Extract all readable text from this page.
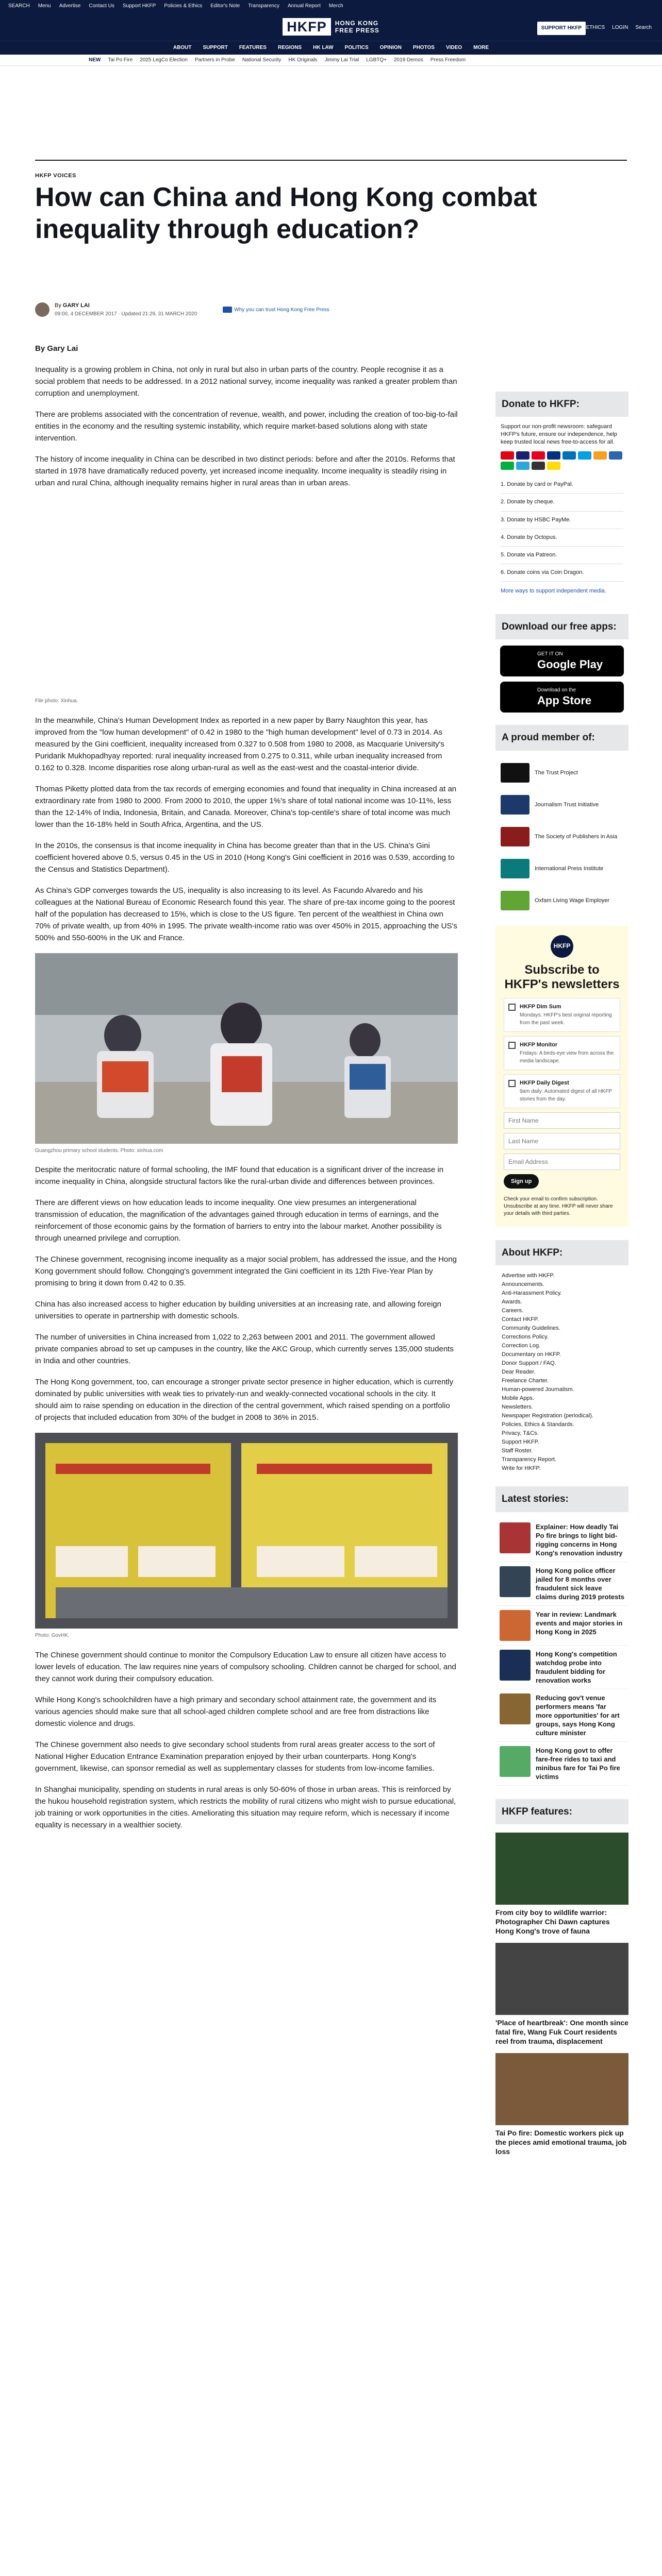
SEARCH Menu Advertise Contact Us Support HKFP Policies & Ethics Editor's Note Transparency Annual Report Merch
HKFP	HONG KONG
FREE PRESS	SUPPORT HKFP ETHICS LOGIN Search
ABOUT SUPPORT FEATURES REGIONS HK LAW POLITICS OPINION PHOTOS VIDEO MORE
NEW Tai Po Fire 2025 LegCo Election Partners in Probe National Security HK Originals Jimmy Lai Trial LGBTQ+ 2019 Demos Press Freedom
HKFP VOICES
How can China and Hong Kong combat inequality through education?
By GARY LAI
09:00, 4 DECEMBER 2017 · Updated 21:29, 31 MARCH 2020
Why you can trust Hong Kong Free Press

By Gary Lai

Inequality is a growing problem in China, not only in rural but also in urban parts of the country. People recognise it as a social problem that needs to be addressed. In a 2012 national survey, income inequality was ranked a greater problem than corruption and unemployment.

There are problems associated with the concentration of revenue, wealth, and power, including the creation of too-big-to-fail entities in the economy and the resulting systemic instability, which require market-based solutions along with state intervention.

The history of income inequality in China can be described in two distinct periods: before and after the 2010s. Reforms that started in 1978 have dramatically reduced poverty, yet increased income inequality. Income inequality is steadily rising in urban and rural China, although inequality remains higher in rural areas than in urban areas.

File photo: Xinhua.

In the meanwhile, China's Human Development Index as reported in a new paper by Barry Naughton this year, has improved from the "low human development" of 0.42 in 1980 to the "high human development" level of 0.73 in 2014. As measured by the Gini coefficient, inequality increased from 0.327 to 0.508 from 1980 to 2008, as Macquarie University's Puridarik Mukhopadhyay reported: rural inequality increased from 0.275 to 0.311, while urban inequality increased from 0.162 to 0.328. Income disparities rose along urban-rural as well as the east-west and the coastal-interior divide.

Thomas Piketty plotted data from the tax records of emerging economies and found that inequality in China increased at an extraordinary rate from 1980 to 2000. From 2000 to 2010, the upper 1%'s share of total national income was 10-11%, less than the 12-14% of India, Indonesia, Britain, and Canada. Moreover, China's top-centile's share of total income was much lower than the 16-18% held in South Africa, Argentina, and the US.

In the 2010s, the consensus is that income inequality in China has become greater than that in the US. China's Gini coefficient hovered above 0.5, versus 0.45 in the US in 2010 (Hong Kong's Gini coefficient in 2016 was 0.539, according to the Census and Statistics Department).

As China's GDP converges towards the US, inequality is also increasing to its level. As Facundo Alvaredo and his colleagues at the National Bureau of Economic Research found this year. The share of pre-tax income going to the poorest half of the population has decreased to 15%, which is close to the US figure. Ten percent of the wealthiest in China own 70% of private wealth, up from 40% in 1995. The private wealth-income ratio was over 450% in 2015, approaching the US's 500% and 550-600% in the UK and France.

Guangzhou primary school students. Photo: xinhua.com

Despite the meritocratic nature of formal schooling, the IMF found that education is a significant driver of the increase in income inequality in China, alongside structural factors like the rural-urban divide and differences between provinces.

There are different views on how education leads to income inequality. One view presumes an intergenerational transmission of education, the magnification of the advantages gained through education in terms of earnings, and the reinforcement of those economic gains by the formation of barriers to entry into the labour market. Another possibility is through unearned privilege and corruption.

The Chinese government, recognising income inequality as a major social problem, has addressed the issue, and the Hong Kong government should follow. Chongqing's government integrated the Gini coefficient in its 12th Five-Year Plan by promising to bring it down from 0.42 to 0.35.

China has also increased access to higher education by building universities at an increasing rate, and allowing foreign universities to operate in partnership with domestic schools.

The number of universities in China increased from 1,022 to 2,263 between 2001 and 2011. The government allowed private companies abroad to set up campuses in the country, like the AKC Group, which currently serves 135,000 students in India and other countries.

The Hong Kong government, too, can encourage a stronger private sector presence in higher education, which is currently dominated by public universities with weak ties to privately-run and weakly-connected vocational schools in the city. It should aim to raise spending on education in the direction of the central government, which raised spending on a portfolio of projects that included education from 30% of the budget in 2008 to 36% in 2015.

Photo: GovHK.

The Chinese government should continue to monitor the Compulsory Education Law to ensure all citizen have access to lower levels of education. The law requires nine years of compulsory schooling. Children cannot be charged for school, and they cannot work during their compulsory education.

While Hong Kong's schoolchildren have a high primary and secondary school attainment rate, the government and its various agencies should make sure that all school-aged children complete school and are free from distractions like domestic violence and drugs.

The Chinese government also needs to give secondary school students from rural areas greater access to the sort of National Higher Education Entrance Examination preparation enjoyed by their urban counterparts. Hong Kong's government, likewise, can sponsor remedial as well as supplementary classes for students from low-income families.

In Shanghai municipality, spending on students in rural areas is only 50-60% of those in urban areas. This is reinforced by the hukou household registration system, which restricts the mobility of rural citizens who might wish to pursue educational, job training or work opportunities in the cities. Ameliorating this situation may require reform, which is necessary if income equality is necessary in a wealthier society.

Donate to HKFP:
Support our non-profit newsroom: safeguard HKFP's future, ensure our independence, help keep trusted local news free-to-access for all.
1. Donate by card or PayPal.
2. Donate by cheque.
3. Donate by HSBC PayMe.
4. Donate by Octopus.
5. Donate via Patreon.
6. Donate coins via Coin Dragon.
More ways to support independent media.
Download our free apps:
GET IT ON
Google Play
Download on the
App Store
A proud member of:
The Trust Project
Journalism Trust Initiative
The Society of Publishers in Asia
International Press Institute
Oxfam Living Wage Employer
HKFP
Subscribe to HKFP's newsletters
HKFP Dim Sum
Mondays: HKFP's best original reporting from the past week.
HKFP Monitor
Fridays: A birds-eye view from across the media landscape.
HKFP Daily Digest
9am daily: Automated digest of all HKFP stories from the day.
First Name Last Name Email Address Sign up
Check your email to confirm subscription. Unsubscribe at any time. HKFP will never share your details with third parties.
About HKFP:
Advertise with HKFP.
Announcements.
Anti-Harassment Policy.
Awards.
Careers.
Contact HKFP.
Community Guidelines.
Corrections Policy.
Correction Log.
Documentary on HKFP.
Donor Support / FAQ.
Dear Reader.
Freelance Charter.
Human-powered Journalism.
Mobile Apps.
Newsletters.
Newspaper Registration (periodical).
Policies, Ethics & Standards.
Privacy, T&Cs.
Support HKFP.
Staff Roster.
Transparency Report.
Write for HKFP.
Latest stories:
Explainer: How deadly Tai Po fire brings to light bid-rigging concerns in Hong Kong's renovation industry
Hong Kong police officer jailed for 8 months over fraudulent sick leave claims during 2019 protests
Year in review: Landmark events and major stories in Hong Kong in 2025
Hong Kong's competition watchdog probe into fraudulent bidding for renovation works
Reducing gov't venue performers means 'far more opportunities' for art groups, says Hong Kong culture minister
Hong Kong govt to offer fare-free rides to taxi and minibus fare for Tai Po fire victims
HKFP features:
From city boy to wildlife warrior: Photographer Chi Dawn captures Hong Kong's trove of fauna
'Place of heartbreak': One month since fatal fire, Wang Fuk Court residents reel from trauma, displacement
Tai Po fire: Domestic workers pick up the pieces amid emotional trauma, job loss
